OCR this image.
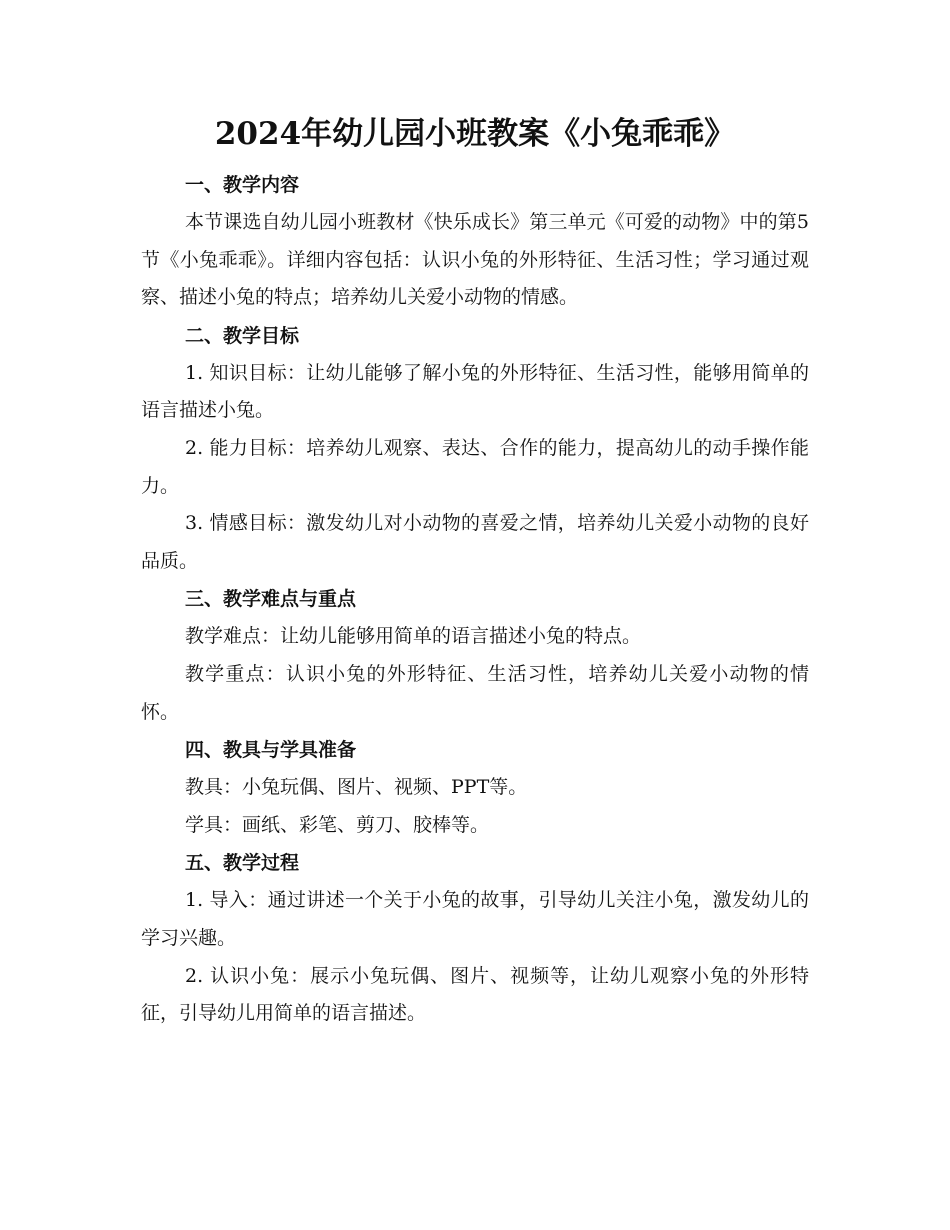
2024年幼儿园小班教案《小兔乖乖》
一、教学内容

本节课选自幼儿园小班教材《快乐成长》第三单元《可爱的动物》中的第5节《小兔乖乖》。详细内容包括：认识小兔的外形特征、生活习性；学习通过观察、描述小兔的特点；培养幼儿关爱小动物的情感。

二、教学目标

1. 知识目标：让幼儿能够了解小兔的外形特征、生活习性，能够用简单的语言描述小兔。

2. 能力目标：培养幼儿观察、表达、合作的能力，提高幼儿的动手操作能力。

3. 情感目标：激发幼儿对小动物的喜爱之情，培养幼儿关爱小动物的良好品质。

三、教学难点与重点

教学难点：让幼儿能够用简单的语言描述小兔的特点。

教学重点：认识小兔的外形特征、生活习性，培养幼儿关爱小动物的情怀。

四、教具与学具准备

教具：小兔玩偶、图片、视频、PPT等。

学具：画纸、彩笔、剪刀、胶棒等。

五、教学过程

1. 导入：通过讲述一个关于小兔的故事，引导幼儿关注小兔，激发幼儿的学习兴趣。

2. 认识小兔：展示小兔玩偶、图片、视频等，让幼儿观察小兔的外形特征，引导幼儿用简单的语言描述。
